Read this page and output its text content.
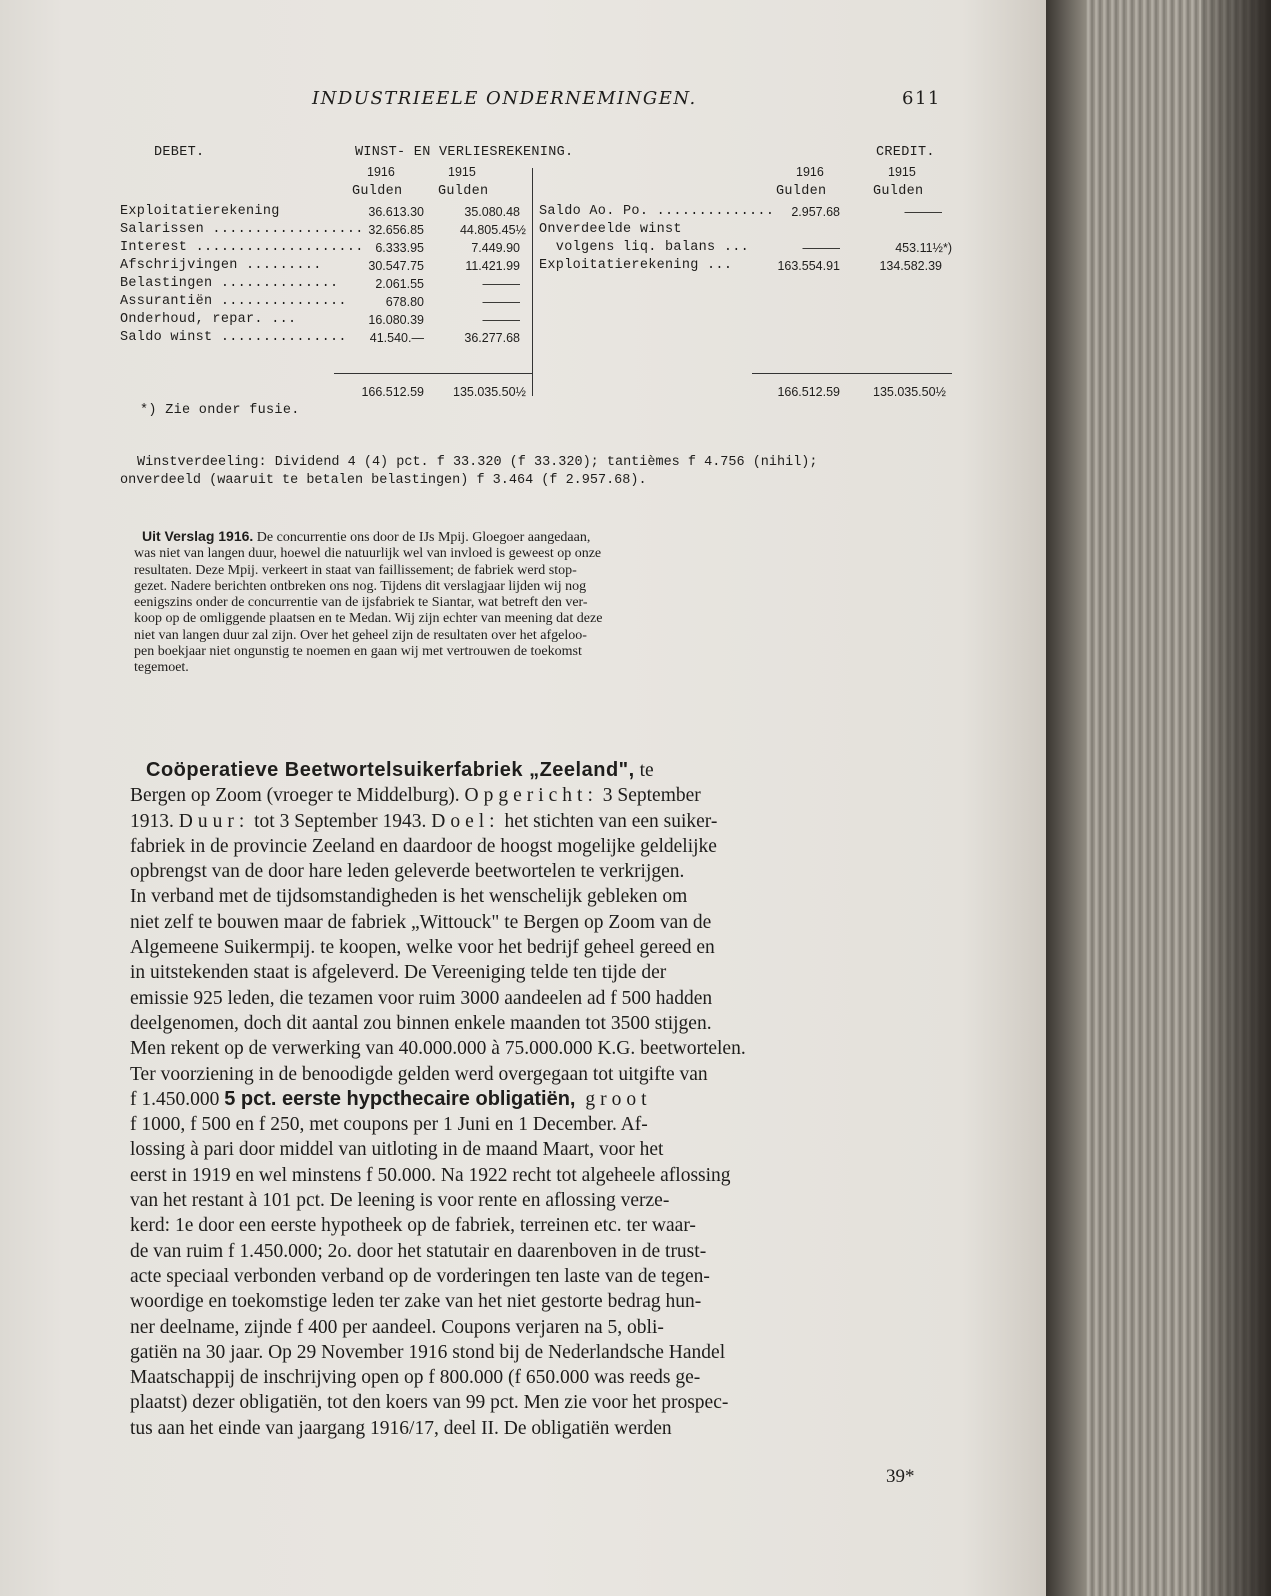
INDUSTRIEELE ONDERNEMINGEN.	611
DEBET.	WINST- EN VERLIESREKENING.	CREDIT.
1916	1915
Gulden	Gulden
1916	1915
Gulden	Gulden
Exploitatierekening	36.613.30	35.080.48
Salarissen .................. 32.656.85	44.805.45½
Interest .................... 6.333.95	7.449.90
Afschrijvingen .........	30.547.75	11.421.99
Belastingen ..............	2.061.55	———
Assurantiën ...............	678.80	———
Onderhoud, repar. ...	16.080.39	———
Saldo winst ...............	41.540.—	36.277.68
Saldo Ao. Po. ..............	2.957.68	———
Onverdeelde winst
volgens liq. balans ...	———	453.11½*)
Exploitatierekening ...	163.554.91	134.582.39
166.512.59	135.035.50½	166.512.59	135.035.50½
*) Zie onder fusie.
Winstverdeeling: Dividend 4 (4) pct. f 33.320 (f 33.320); tantièmes f 4.756 (nihil);
onverdeeld (waaruit te betalen belastingen) f 3.464 (f 2.957.68).
Uit Verslag 1916. De concurrentie ons door de IJs Mpij. Gloegoer aangedaan,
was niet van langen duur, hoewel die natuurlijk wel van invloed is geweest op onze
resultaten. Deze Mpij. verkeert in staat van faillissement; de fabriek werd stop-
gezet. Nadere berichten ontbreken ons nog. Tijdens dit verslagjaar lijden wij nog
eenigszins onder de concurrentie van de ijsfabriek te Siantar, wat betreft den ver-
koop op de omliggende plaatsen en te Medan. Wij zijn echter van meening dat deze
niet van langen duur zal zijn. Over het geheel zijn de resultaten over het afgeloo-
pen boekjaar niet ongunstig te noemen en gaan wij met vertrouwen de toekomst
tegemoet.
Coöperatieve Beetwortelsuikerfabriek „Zeeland", te
Bergen op Zoom (vroeger te Middelburg). Opgericht: 3 September
1913. Duur: tot 3 September 1943. Doel: het stichten van een suiker-
fabriek in de provincie Zeeland en daardoor de hoogst mogelijke geldelijke
opbrengst van de door hare leden geleverde beetwortelen te verkrijgen.
In verband met de tijdsomstandigheden is het wenschelijk gebleken om
niet zelf te bouwen maar de fabriek „Wittouck" te Bergen op Zoom van de
Algemeene Suikermpij. te koopen, welke voor het bedrijf geheel gereed en
in uitstekenden staat is afgeleverd. De Vereeniging telde ten tijde der
emissie 925 leden, die tezamen voor ruim 3000 aandeelen ad f 500 hadden
deelgenomen, doch dit aantal zou binnen enkele maanden tot 3500 stijgen.
Men rekent op de verwerking van 40.000.000 à 75.000.000 K.G. beetwortelen.
Ter voorziening in de benoodigde gelden werd overgegaan tot uitgifte van
f 1.450.000 5 pct. eerste hypcthecaire obligatiën, groot
f 1000, f 500 en f 250, met coupons per 1 Juni en 1 December. Af-
lossing à pari door middel van uitloting in de maand Maart, voor het
eerst in 1919 en wel minstens f 50.000. Na 1922 recht tot algeheele aflossing
van het restant à 101 pct. De leening is voor rente en aflossing verze-
kerd: 1e door een eerste hypotheek op de fabriek, terreinen etc. ter waar-
de van ruim f 1.450.000; 2o. door het statutair en daarenboven in de trust-
acte speciaal verbonden verband op de vorderingen ten laste van de tegen-
woordige en toekomstige leden ter zake van het niet gestorte bedrag hun-
ner deelname, zijnde f 400 per aandeel. Coupons verjaren na 5, obli-
gatiën na 30 jaar. Op 29 November 1916 stond bij de Nederlandsche Handel
Maatschappij de inschrijving open op f 800.000 (f 650.000 was reeds ge-
plaatst) dezer obligatiën, tot den koers van 99 pct. Men zie voor het prospec-
tus aan het einde van jaargang 1916/17, deel II. De obligatiën werden
39*
